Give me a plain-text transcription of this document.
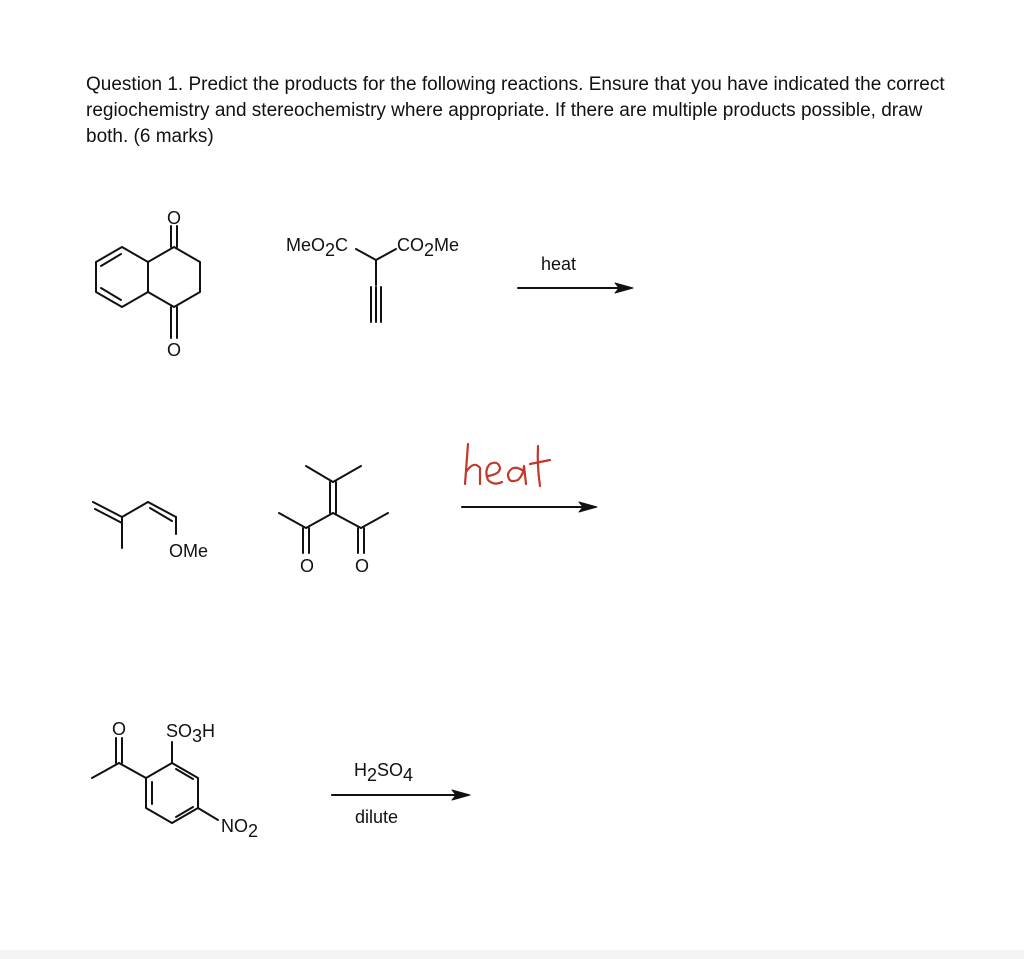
Question 1. Predict the products for the following reactions. Ensure that you have indicated the correct regiochemistry and stereochemistry where appropriate. If there are multiple products possible, draw both. (6 marks)

O
O
MeO2C	CO2Me
heat
OMe
O O
O SO3H
NO2
H2SO4
dilute
